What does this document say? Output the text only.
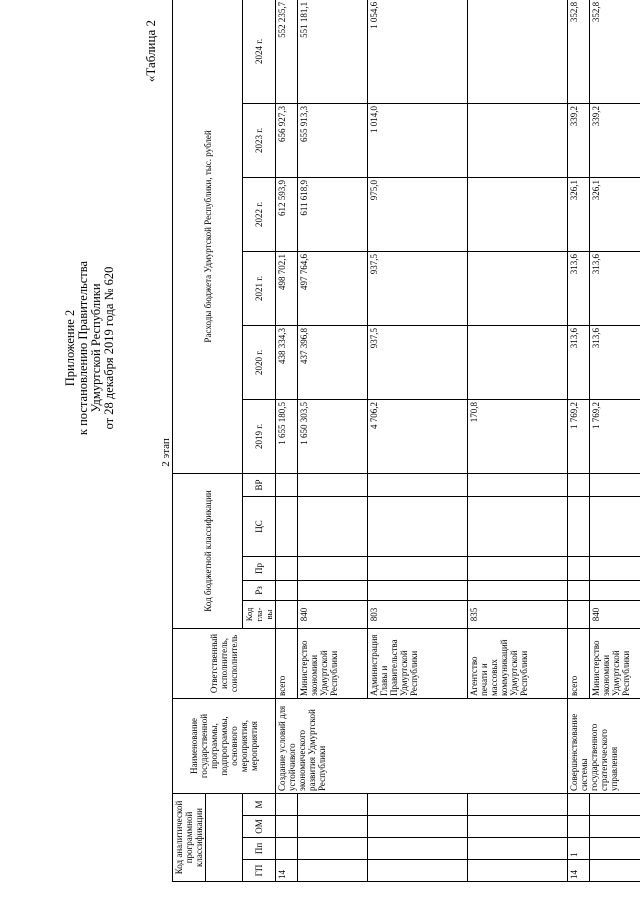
Приложение 2 к постановлению Правительства Удмуртской Республики от 28 декабря 2019 года № 620
«Таблица 2
2 этап
Код аналитической программной классификации				Наименование государственной программы, подпрограммы, основного мероприятия, мероприятия	Ответственный исполнитель, соисполнитель	Код бюджетной классификации					Расходы бюджета Удмуртской Республики, тыс. рублей					

ГП	Пп	ОМ	М			Код гла-вы	Рз	Пр	ЦС	ВР	2019 г.	2020 г.	2021 г.	2022 г.	2023 г.	2024 г.
14				Создание условий для устойчивого экономического развития Удмуртской Республики	всего						1 655 180,5	438 334,3	498 702,1	612 593,9	656 927,3	552 235,7
					Министерство экономики Удмуртской Республики	840					1 650 303,5	437 396,8	497 764,6	611 618,9	655 913,3	551 181,1
					Администрация Главы и Правительства Удмуртской Республики	803					4 706,2	937,5	937,5	975,0	1 014,0	1 054,6
					Агентство печати и массовых коммуникаций Удмуртской Республики	835					170,8					
14	1			Совершенствование системы государственного стратегического управления	всего						1 769,2	313,6	313,6	326,1	339,2	352,8
					Министерство экономики Удмуртской Республики	840					1 769,2	313,6	313,6	326,1	339,2	352,8
